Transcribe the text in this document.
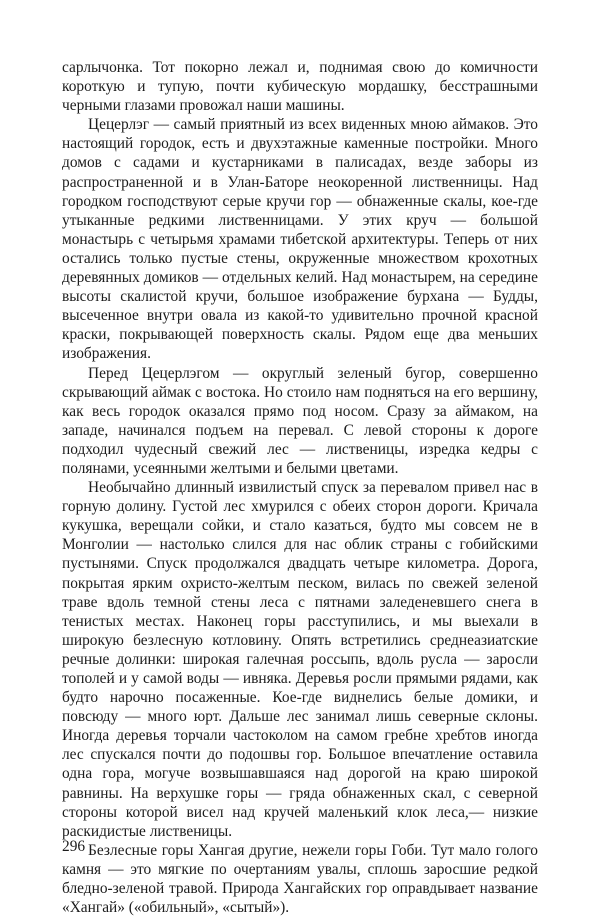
сарлычонка. Тот покорно лежал и, поднимая свою до комичности
короткую и тупую, почти кубическую мордашку, бесстрашными
черными глазами провожал наши машины.

Цецерлэг — самый приятный из всех виденных мною аймаков. Это настоящий городок, есть и двухэтажные каменные постройки. Много домов с садами и кустарниками в палисадах, везде заборы из распространенной и в Улан-Баторе неокоренной лиственницы. Над городком господствуют серые кручи гор — обнаженные скалы, кое-где утыканные редкими лиственницами. У этих круч — большой монастырь с четырьмя храмами тибетской архитектуры. Теперь от них остались только пустые стены, окруженные множеством крохотных деревянных домиков — отдельных келий. Над монастырем, на середине высоты скалистой кручи, большое изображение бурхана — Будды, высеченное внутри овала из какой-то удивительно прочной красной краски, покрывающей поверхность скалы. Рядом еще два меньших изображения.

Перед Цецерлэгом — округлый зеленый бугор, совершенно скрывающий аймак с востока. Но стоило нам подняться на его вершину, как весь городок оказался прямо под носом. Сразу за аймаком, на западе, начинался подъем на перевал. С левой стороны к дороге подходил чудесный свежий лес — лиственицы, изредка кедры с полянами, усеянными желтыми и белыми цветами.

Необычайно длинный извилистый спуск за перевалом привел нас в горную долину. Густой лес хмурился с обеих сторон дороги. Кричала кукушка, верещали сойки, и стало казаться, будто мы совсем не в Монголии — настолько слился для нас облик страны с гобийскими пустынями. Спуск продолжался двадцать четыре километра. Дорога, покрытая ярким охристо-желтым песком, вилась по свежей зеленой траве вдоль темной стены леса с пятнами заледеневшего снега в тенистых местах. Наконец горы расступились, и мы выехали в широкую безлесную котловину. Опять встретились среднеазиатские речные долинки: широкая галечная россыпь, вдоль русла — заросли тополей и у самой воды — ивняка. Деревья росли прямыми рядами, как будто нарочно посаженные. Кое-где виднелись белые домики, и повсюду — много юрт. Дальше лес занимал лишь северные склоны. Иногда деревья торчали частоколом на самом гребне хребтов иногда лес спускался почти до подошвы гор. Большое впечатление оставила одна гора, могуче возвышавшаяся над дорогой на краю широкой равнины. На верхушке горы — гряда обнаженных скал, с северной стороны которой висел над кручей маленький клок леса,— низкие раскидистые лиственицы.

Безлесные горы Хангая другие, нежели горы Гоби. Тут мало голого камня — это мягкие по очертаниям увалы, сплошь заросшие редкой бледно-зеленой травой. Природа Хангайских гор оправдывает название «Хангай» («обильный», «сытый»).

296
